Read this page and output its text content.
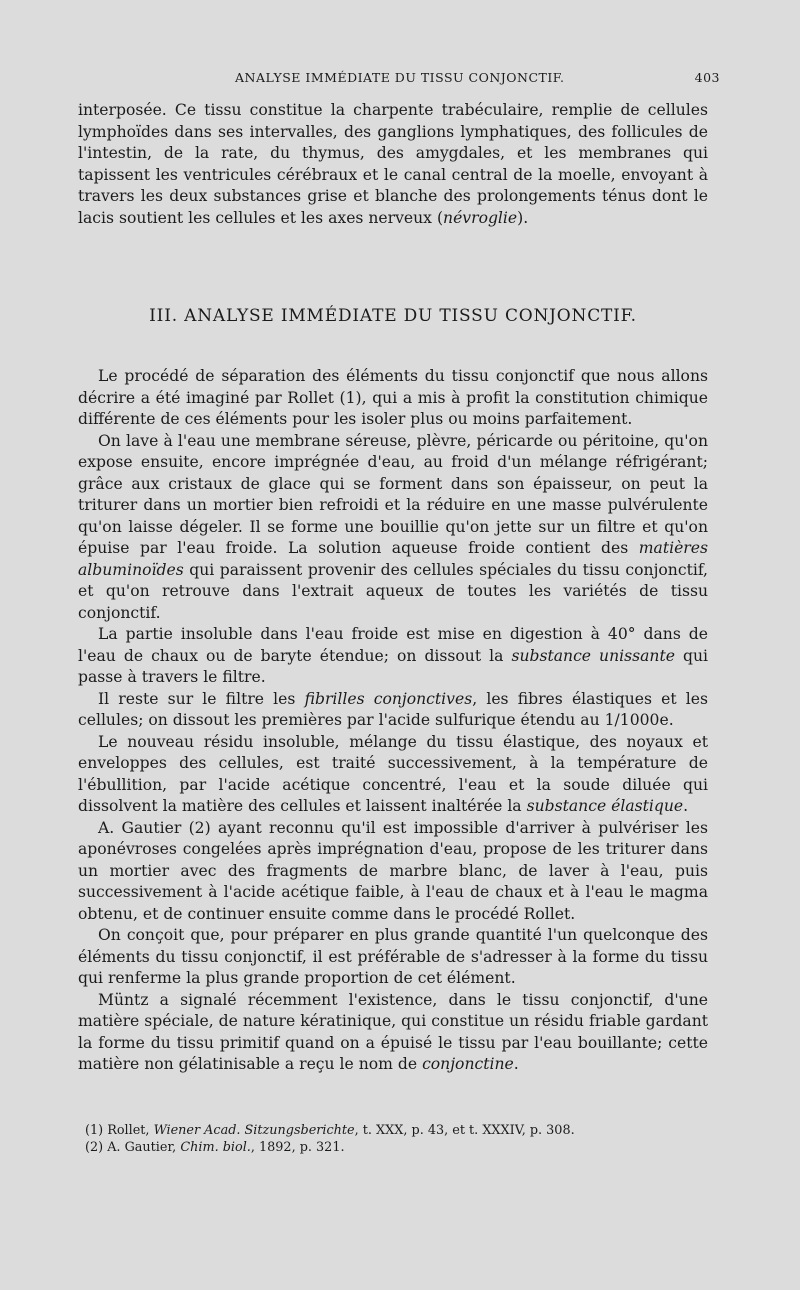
ANALYSE IMMÉDIATE DU TISSU CONJONCTIF.	403

interposée. Ce tissu constitue la charpente trabéculaire, remplie de cellules lymphoïdes dans ses intervalles, des ganglions lymphatiques, des follicules de l'intestin, de la rate, du thymus, des amygdales, et les membranes qui tapissent les ventricules cérébraux et le canal central de la moelle, envoyant à travers les deux substances grise et blanche des prolongements ténus dont le lacis soutient les cellules et les axes nerveux (névroglie).

III. ANALYSE IMMÉDIATE DU TISSU CONJONCTIF.

Le procédé de séparation des éléments du tissu conjonctif que nous allons décrire a été imaginé par Rollet (1), qui a mis à profit la constitution chimique différente de ces éléments pour les isoler plus ou moins parfaitement.

On lave à l'eau une membrane séreuse, plèvre, péricarde ou péritoine, qu'on expose ensuite, encore imprégnée d'eau, au froid d'un mélange réfrigérant; grâce aux cristaux de glace qui se forment dans son épaisseur, on peut la triturer dans un mortier bien refroidi et la réduire en une masse pulvérulente qu'on laisse dégeler. Il se forme une bouillie qu'on jette sur un filtre et qu'on épuise par l'eau froide. La solution aqueuse froide contient des matières albuminoïdes qui paraissent provenir des cellules spéciales du tissu conjonctif, et qu'on retrouve dans l'extrait aqueux de toutes les variétés de tissu conjonctif.

La partie insoluble dans l'eau froide est mise en digestion à 40° dans de l'eau de chaux ou de baryte étendue; on dissout la substance unissante qui passe à travers le filtre.

Il reste sur le filtre les fibrilles conjonctives, les fibres élastiques et les cellules; on dissout les premières par l'acide sulfurique étendu au 1/1000e.

Le nouveau résidu insoluble, mélange du tissu élastique, des noyaux et enveloppes des cellules, est traité successivement, à la température de l'ébullition, par l'acide acétique concentré, l'eau et la soude diluée qui dissolvent la matière des cellules et laissent inaltérée la substance élastique.

A. Gautier (2) ayant reconnu qu'il est impossible d'arriver à pulvériser les aponévroses congelées après imprégnation d'eau, propose de les triturer dans un mortier avec des fragments de marbre blanc, de laver à l'eau, puis successivement à l'acide acétique faible, à l'eau de chaux et à l'eau le magma obtenu, et de continuer ensuite comme dans le procédé Rollet.

On conçoit que, pour préparer en plus grande quantité l'un quelconque des éléments du tissu conjonctif, il est préférable de s'adresser à la forme du tissu qui renferme la plus grande proportion de cet élément.

Müntz a signalé récemment l'existence, dans le tissu conjonctif, d'une matière spéciale, de nature kératinique, qui constitue un résidu friable gardant la forme du tissu primitif quand on a épuisé le tissu par l'eau bouillante; cette matière non gélatinisable a reçu le nom de conjonctine.

(1) Rollet, Wiener Acad. Sitzungsberichte, t. XXX, p. 43, et t. XXXIV, p. 308.

(2) A. Gautier, Chim. biol., 1892, p. 321.
